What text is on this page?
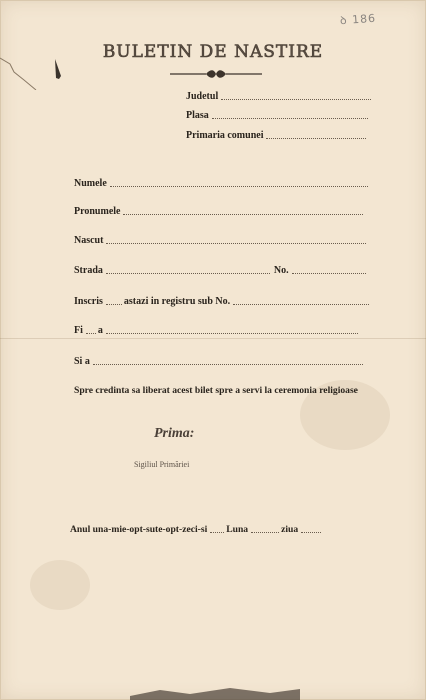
ꝺ 186
BULETIN DE NASTIRE
Judetul
Plasa
Primaria comunei
Numele
Pronumele
Nascut
Strada	No.
Inscris astazi in registru sub No.
Fi a
Si a
Spre credinta sa liberat acest bilet spre a servi la ceremonia religioase
Prima:
Sigiliul Primăriei
Anul una-mie-opt-sute-opt-zeci-si Luna	ziua
